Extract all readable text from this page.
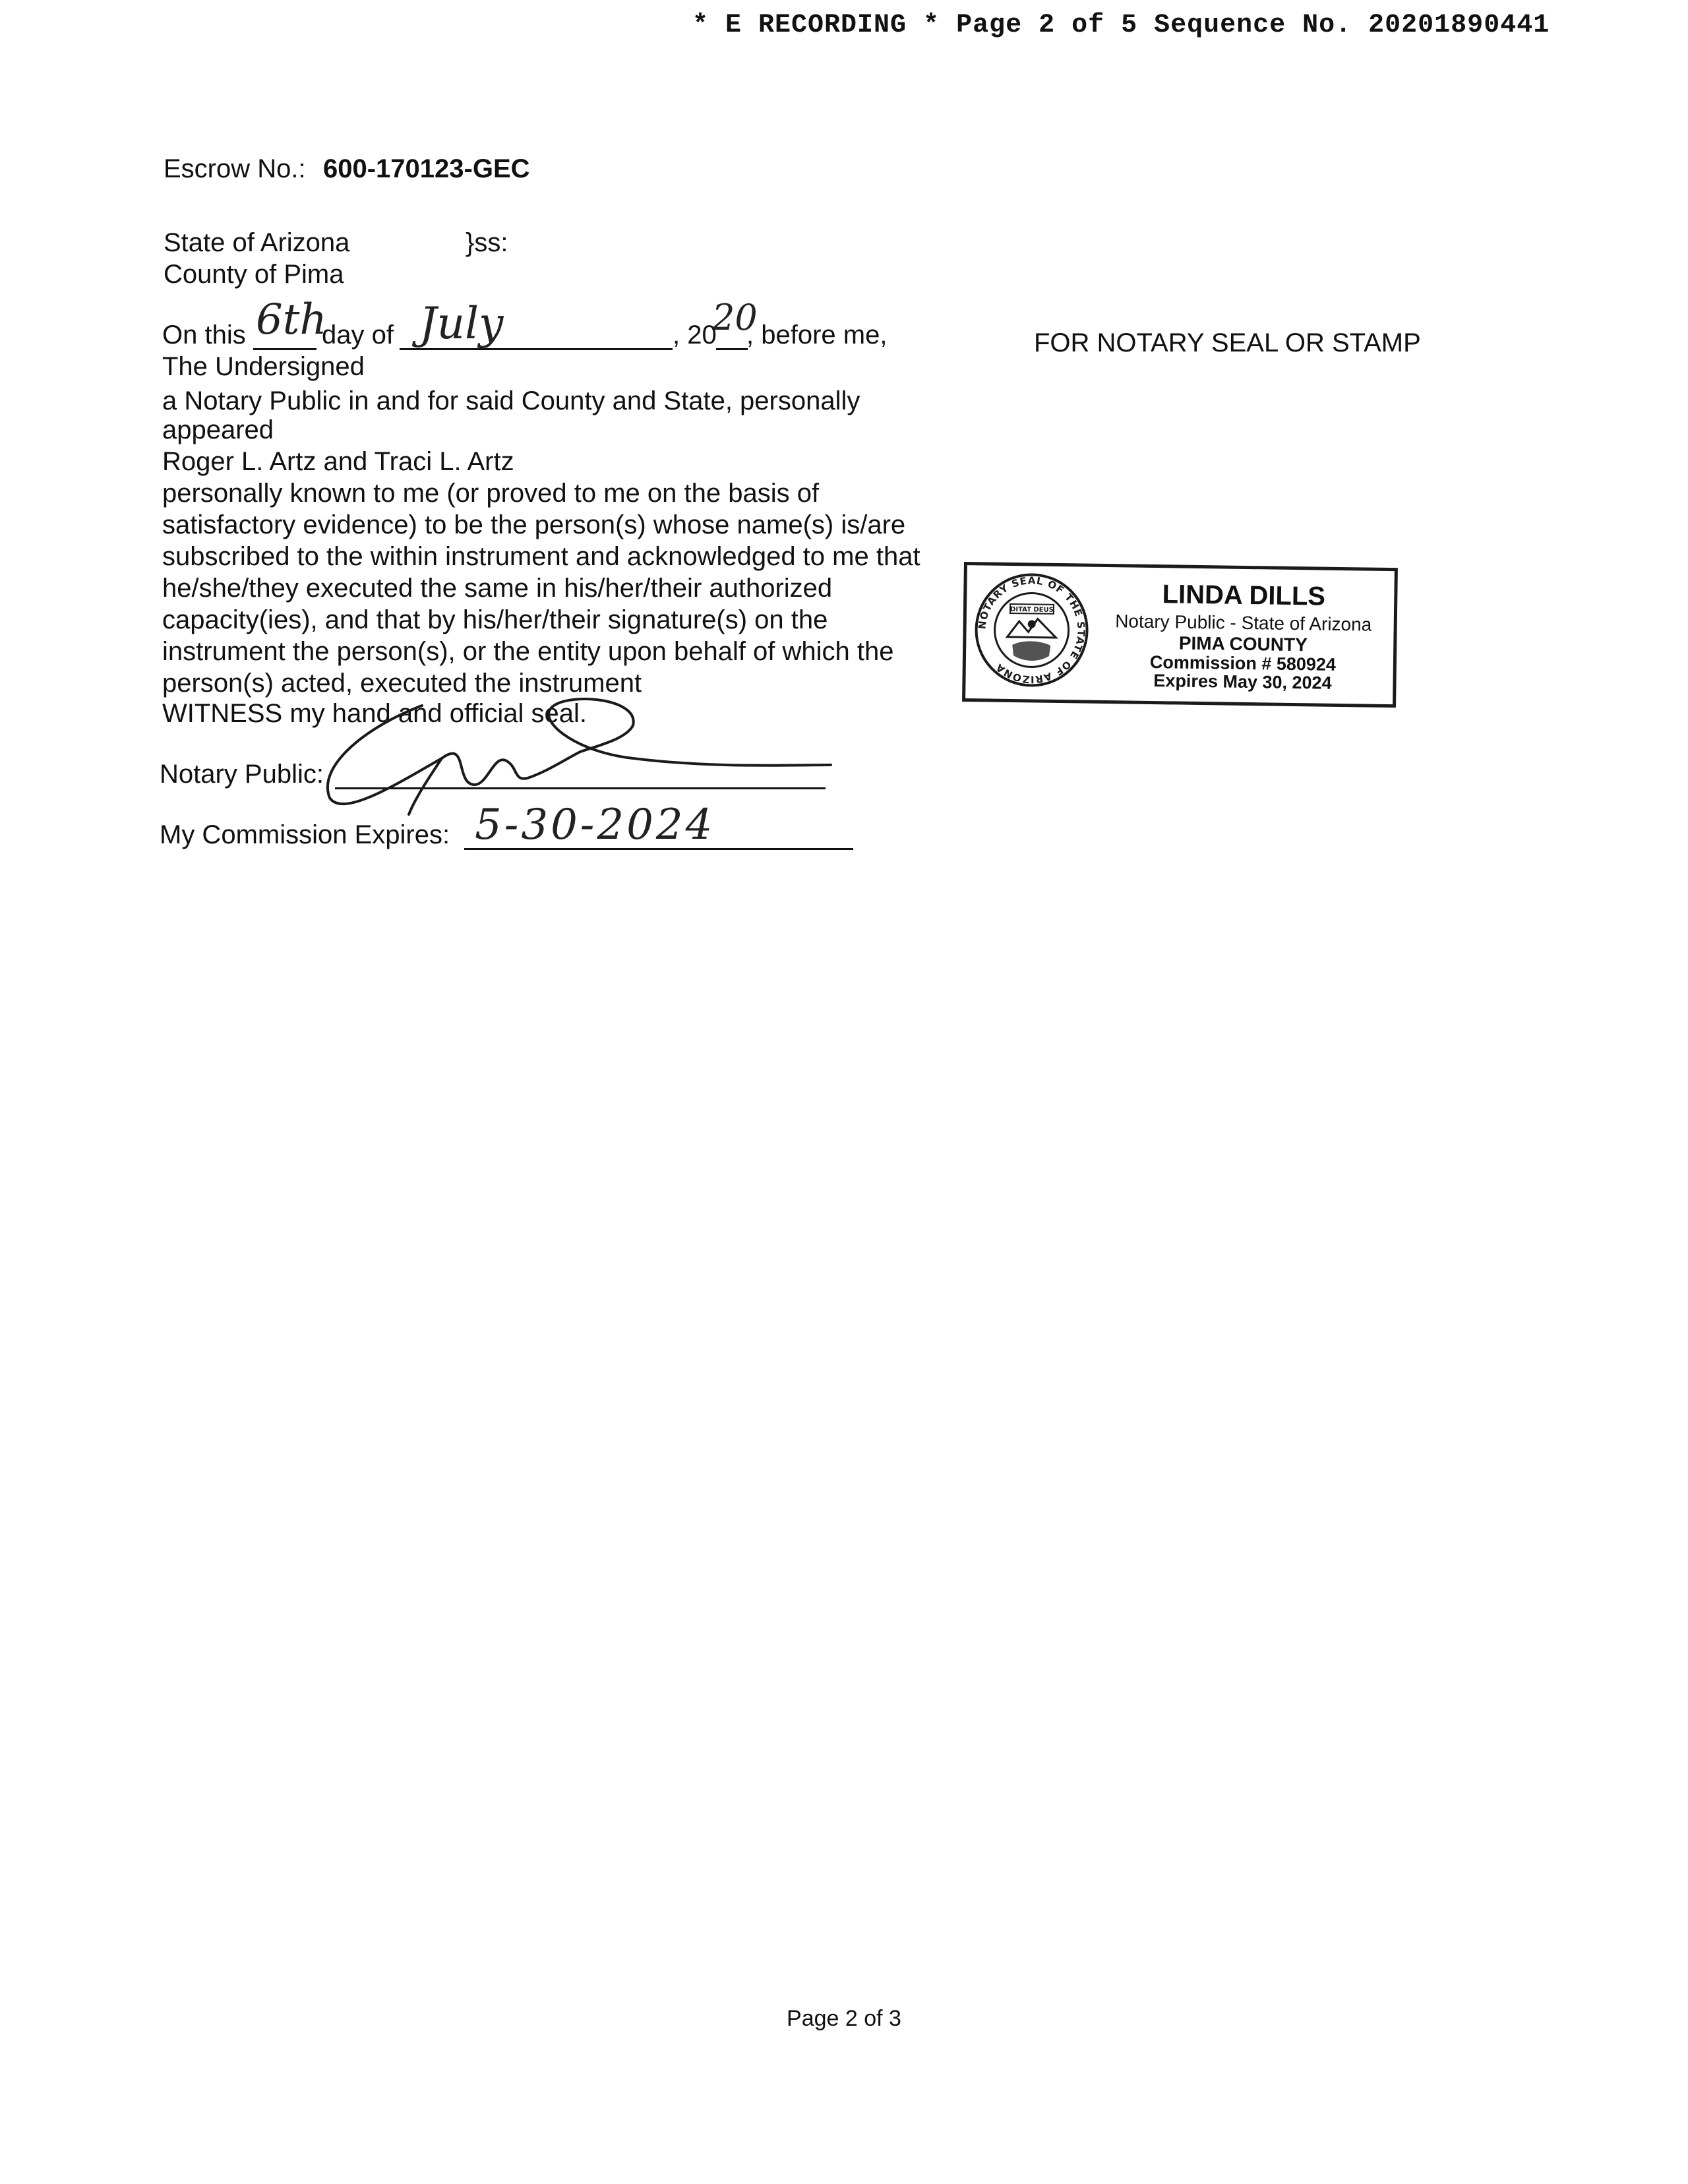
* E RECORDING * Page 2 of 5 Sequence No. 20201890441
Escrow No.: 600-170123-GEC
State of Arizona	}ss:
County of Pima
On this 6th
day of July	, 20
20
, before me,
The Undersigned
a Notary Public in and for said County and State, personally
appeared
Roger L. Artz and Traci L. Artz
personally known to me (or proved to me on the basis of
satisfactory evidence) to be the person(s) whose name(s) is/are
subscribed to the within instrument and acknowledged to me that
he/she/they executed the same in his/her/their authorized
capacity(ies), and that by his/her/their signature(s) on the
instrument the person(s), or the entity upon behalf of which the
person(s) acted, executed the instrument
WITNESS my hand and official seal.
Notary Public:
My Commission Expires: 5-30-2024
FOR NOTARY SEAL OR STAMP
NOTARY SEAL OF THE STATE OF ARIZONA
DITAT DEUS	LINDA DILLS
Notary Public - State of Arizona
PIMA COUNTY
Commission # 580924
Expires May 30, 2024
Page 2 of 3
